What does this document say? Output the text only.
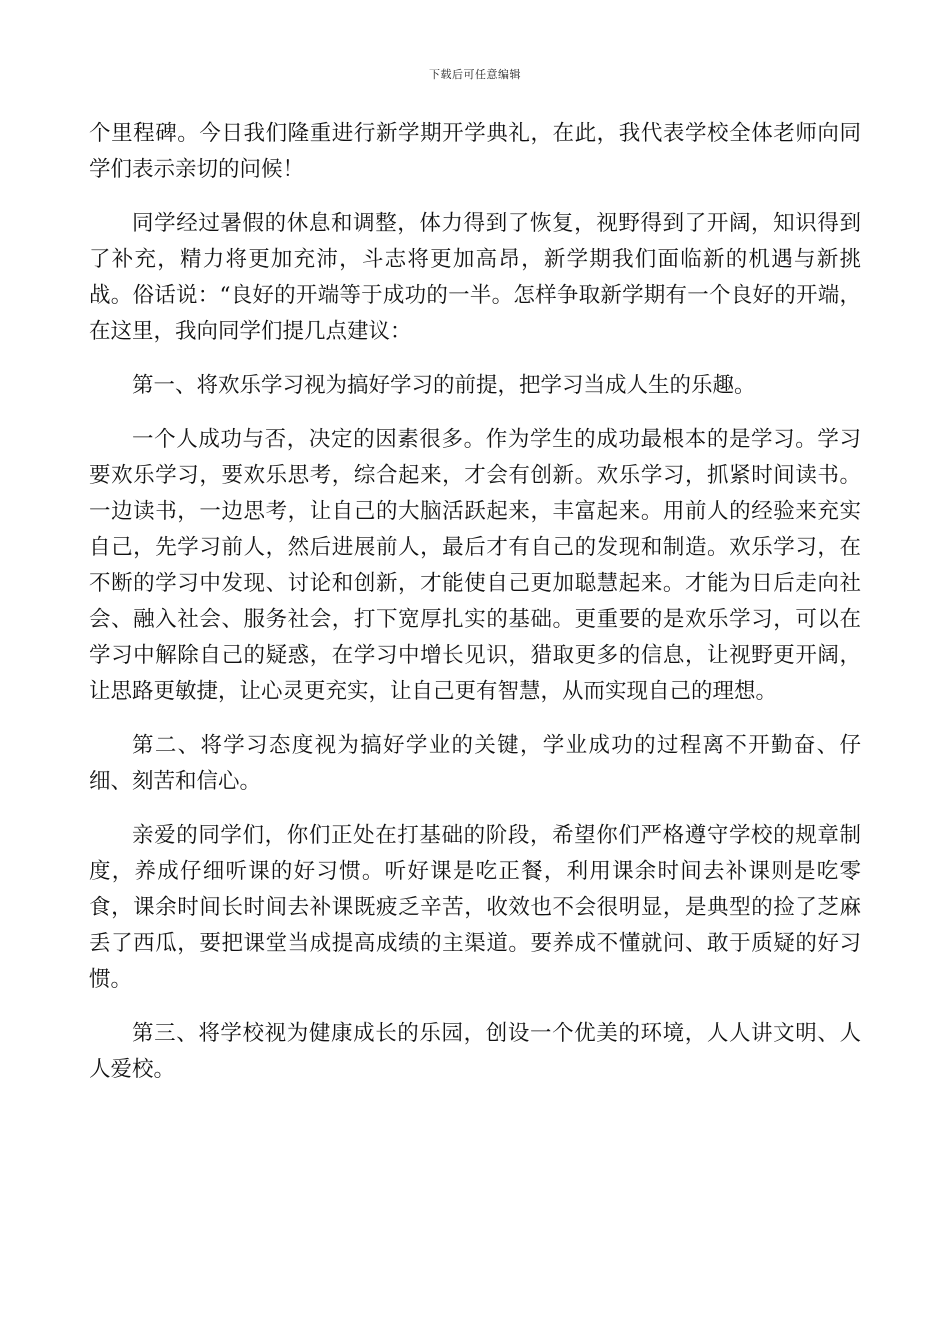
下载后可任意编辑

个里程碑。今日我们隆重进行新学期开学典礼，在此，我代表学校全体老师向同学们表示亲切的问候！

同学经过暑假的休息和调整，体力得到了恢复，视野得到了开阔，知识得到了补充，精力将更加充沛，斗志将更加高昂，新学期我们面临新的机遇与新挑战。俗话说：“良好的开端等于成功的一半。怎样争取新学期有一个良好的开端，在这里，我向同学们提几点建议：

第一、将欢乐学习视为搞好学习的前提，把学习当成人生的乐趣。

一个人成功与否，决定的因素很多。作为学生的成功最根本的是学习。学习要欢乐学习，要欢乐思考，综合起来，才会有创新。欢乐学习，抓紧时间读书。一边读书，一边思考，让自己的大脑活跃起来，丰富起来。用前人的经验来充实自己，先学习前人，然后进展前人，最后才有自己的发现和制造。欢乐学习，在不断的学习中发现、讨论和创新，才能使自己更加聪慧起来。才能为日后走向社会、融入社会、服务社会，打下宽厚扎实的基础。更重要的是欢乐学习，可以在学习中解除自己的疑惑，在学习中增长见识，猎取更多的信息，让视野更开阔，让思路更敏捷，让心灵更充实，让自己更有智慧，从而实现自己的理想。

第二、将学习态度视为搞好学业的关键，学业成功的过程离不开勤奋、仔细、刻苦和信心。

亲爱的同学们，你们正处在打基础的阶段，希望你们严格遵守学校的规章制度，养成仔细听课的好习惯。听好课是吃正餐，利用课余时间去补课则是吃零食，课余时间长时间去补课既疲乏辛苦，收效也不会很明显，是典型的捡了芝麻丢了西瓜，要把课堂当成提高成绩的主渠道。要养成不懂就问、敢于质疑的好习惯。

第三、将学校视为健康成长的乐园，创设一个优美的环境，人人讲文明、人人爱校。
